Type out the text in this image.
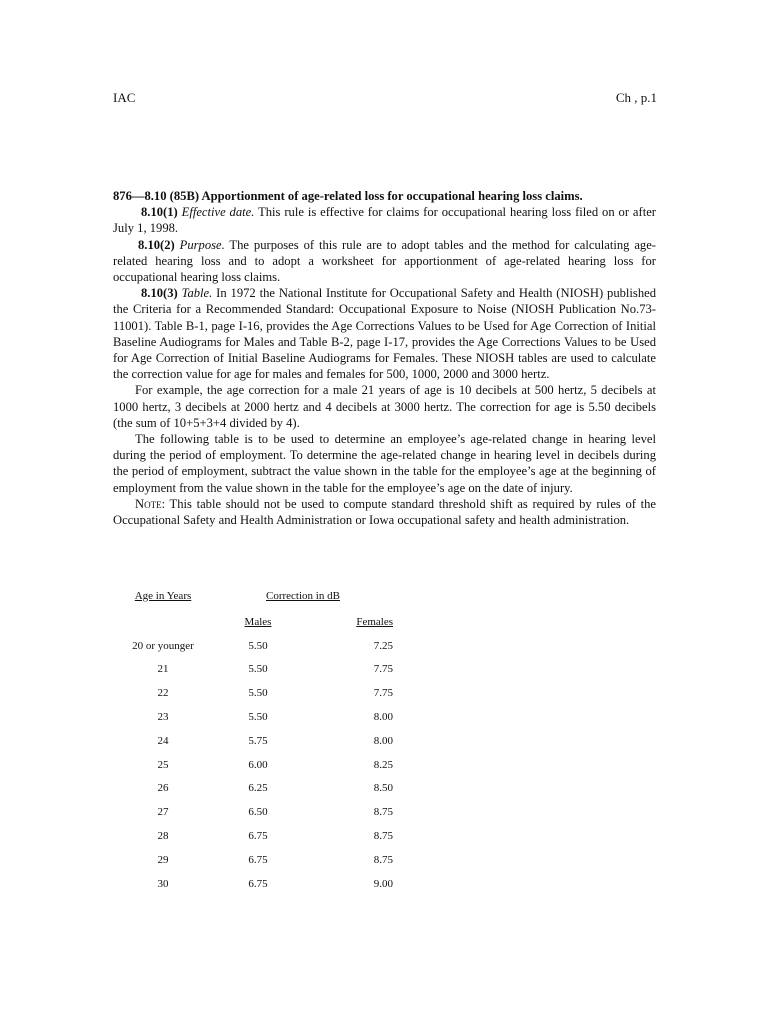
IAC	Ch , p.1

876—8.10 (85B) Apportionment of age-related loss for occupational hearing loss claims.

8.10(1) Effective date. This rule is effective for claims for occupational hearing loss filed on or after July 1, 1998.

8.10(2) Purpose. The purposes of this rule are to adopt tables and the method for calculating age-related hearing loss and to adopt a worksheet for apportionment of age-related hearing loss for occupational hearing loss claims.

8.10(3) Table. In 1972 the National Institute for Occupational Safety and Health (NIOSH) published the Criteria for a Recommended Standard: Occupational Exposure to Noise (NIOSH Publication No.73-11001). Table B-1, page I-16, provides the Age Corrections Values to be Used for Age Correction of Initial Baseline Audiograms for Males and Table B-2, page I-17, provides the Age Corrections Values to be Used for Age Correction of Initial Baseline Audiograms for Females. These NIOSH tables are used to calculate the correction value for age for males and females for 500, 1000, 2000 and 3000 hertz.

For example, the age correction for a male 21 years of age is 10 decibels at 500 hertz, 5 decibels at 1000 hertz, 3 decibels at 2000 hertz and 4 decibels at 3000 hertz. The correction for age is 5.50 decibels (the sum of 10+5+3+4 divided by 4).

The following table is to be used to determine an employee’s age-related change in hearing level during the period of employment. To determine the age-related change in hearing level in decibels during the period of employment, subtract the value shown in the table for the employee’s age at the beginning of employment from the value shown in the table for the employee’s age on the date of injury.

Note: This table should not be used to compute standard threshold shift as required by rules of the Occupational Safety and Health Administration or Iowa occupational safety and health administration.

Age in Years	Correction in dB	
	Males	Females
20 or younger	5.50	7.25
21	5.50	7.75
22	5.50	7.75
23	5.50	8.00
24	5.75	8.00
25	6.00	8.25
26	6.25	8.50
27	6.50	8.75
28	6.75	8.75
29	6.75	8.75
30	6.75	9.00
